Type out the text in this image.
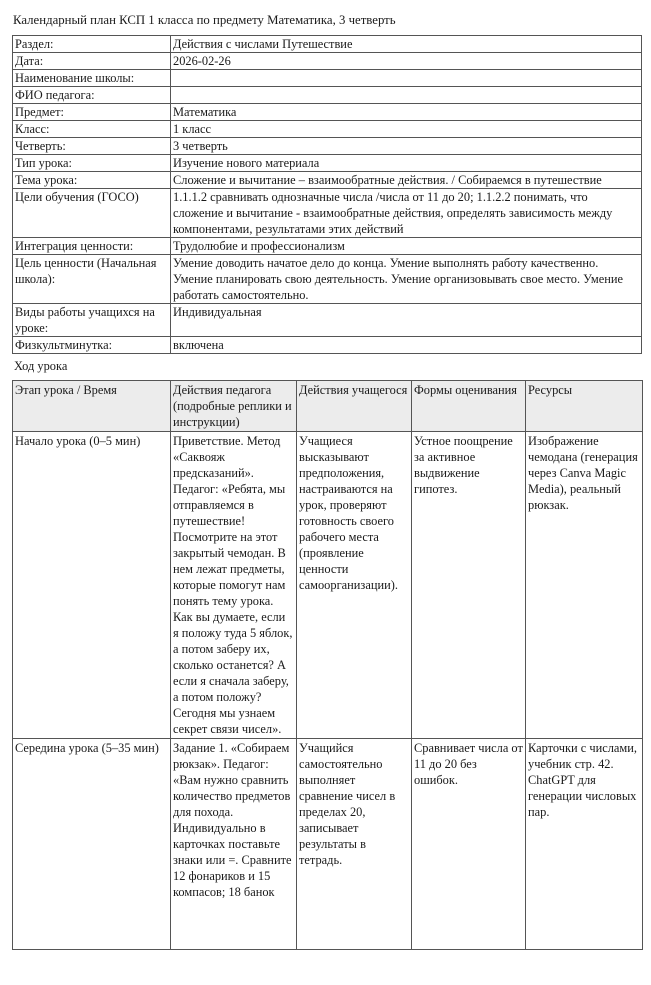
Календарный план КСП 1 класса по предмету Математика, 3 четверть
Раздел:	Действия с числами Путешествие
Дата:	2026-02-26
Наименование школы:	
ФИО педагога:	
Предмет:	Математика
Класс:	1 класс
Четверть:	3 четверть
Тип урока:	Изучение нового материала
Тема урока:	Сложение и вычитание – взаимообратные действия. / Собираемся в путешествие
Цели обучения (ГОСО)	1.1.1.2 сравнивать однозначные числа /числа от 11 до 20; 1.1.2.2 понимать, что сложение и вычитание - взаимообратные действия, определять зависимость между компонентами, результатами этих действий
Интеграция ценности:	Трудолюбие и профессионализм
Цель ценности (Начальная школа):	Умение доводить начатое дело до конца. Умение выполнять работу качественно. Умение планировать свою деятельность. Умение организовывать свое место. Умение работать самостоятельно.
Виды работы учащихся на уроке:	Индивидуальная
Физкультминутка:	включена
Ход урока
Этап урока / Время	Действия педагога (подробные реплики и инструкции)	Действия учащегося	Формы оценивания	Ресурсы
Начало урока (0–5 мин)	Приветствие. Метод «Саквояж предсказаний». Педагог: «Ребята, мы отправляемся в путешествие! Посмотрите на этот закрытый чемодан. В нем лежат предметы, которые помогут нам понять тему урока. Как вы думаете, если я положу туда 5 яблок, а потом заберу их, сколько останется? А если я сначала заберу, а потом положу? Сегодня мы узнаем секрет связи чисел».	Учащиеся высказывают предположения, настраиваются на урок, проверяют готовность своего рабочего места (проявление ценности самоорганизации).	Устное поощрение за активное выдвижение гипотез.	Изображение чемодана (генерация через Canva Magic Media), реальный рюкзак.

Середина урока (5–35 мин)	Задание 1. «Собираем рюкзак». Педагог: «Вам нужно сравнить количество предметов для похода. Индивидуально в карточках поставьте знаки или =. Сравните 12 фонариков и 15 компасов; 18 банок	Учащийся самостоятельно выполняет сравнение чисел в пределах 20, записывает результаты в тетрадь.	Сравнивает числа от 11 до 20 без ошибок.	Карточки с числами, учебник стр. 42. ChatGPT для генерации числовых пар.
